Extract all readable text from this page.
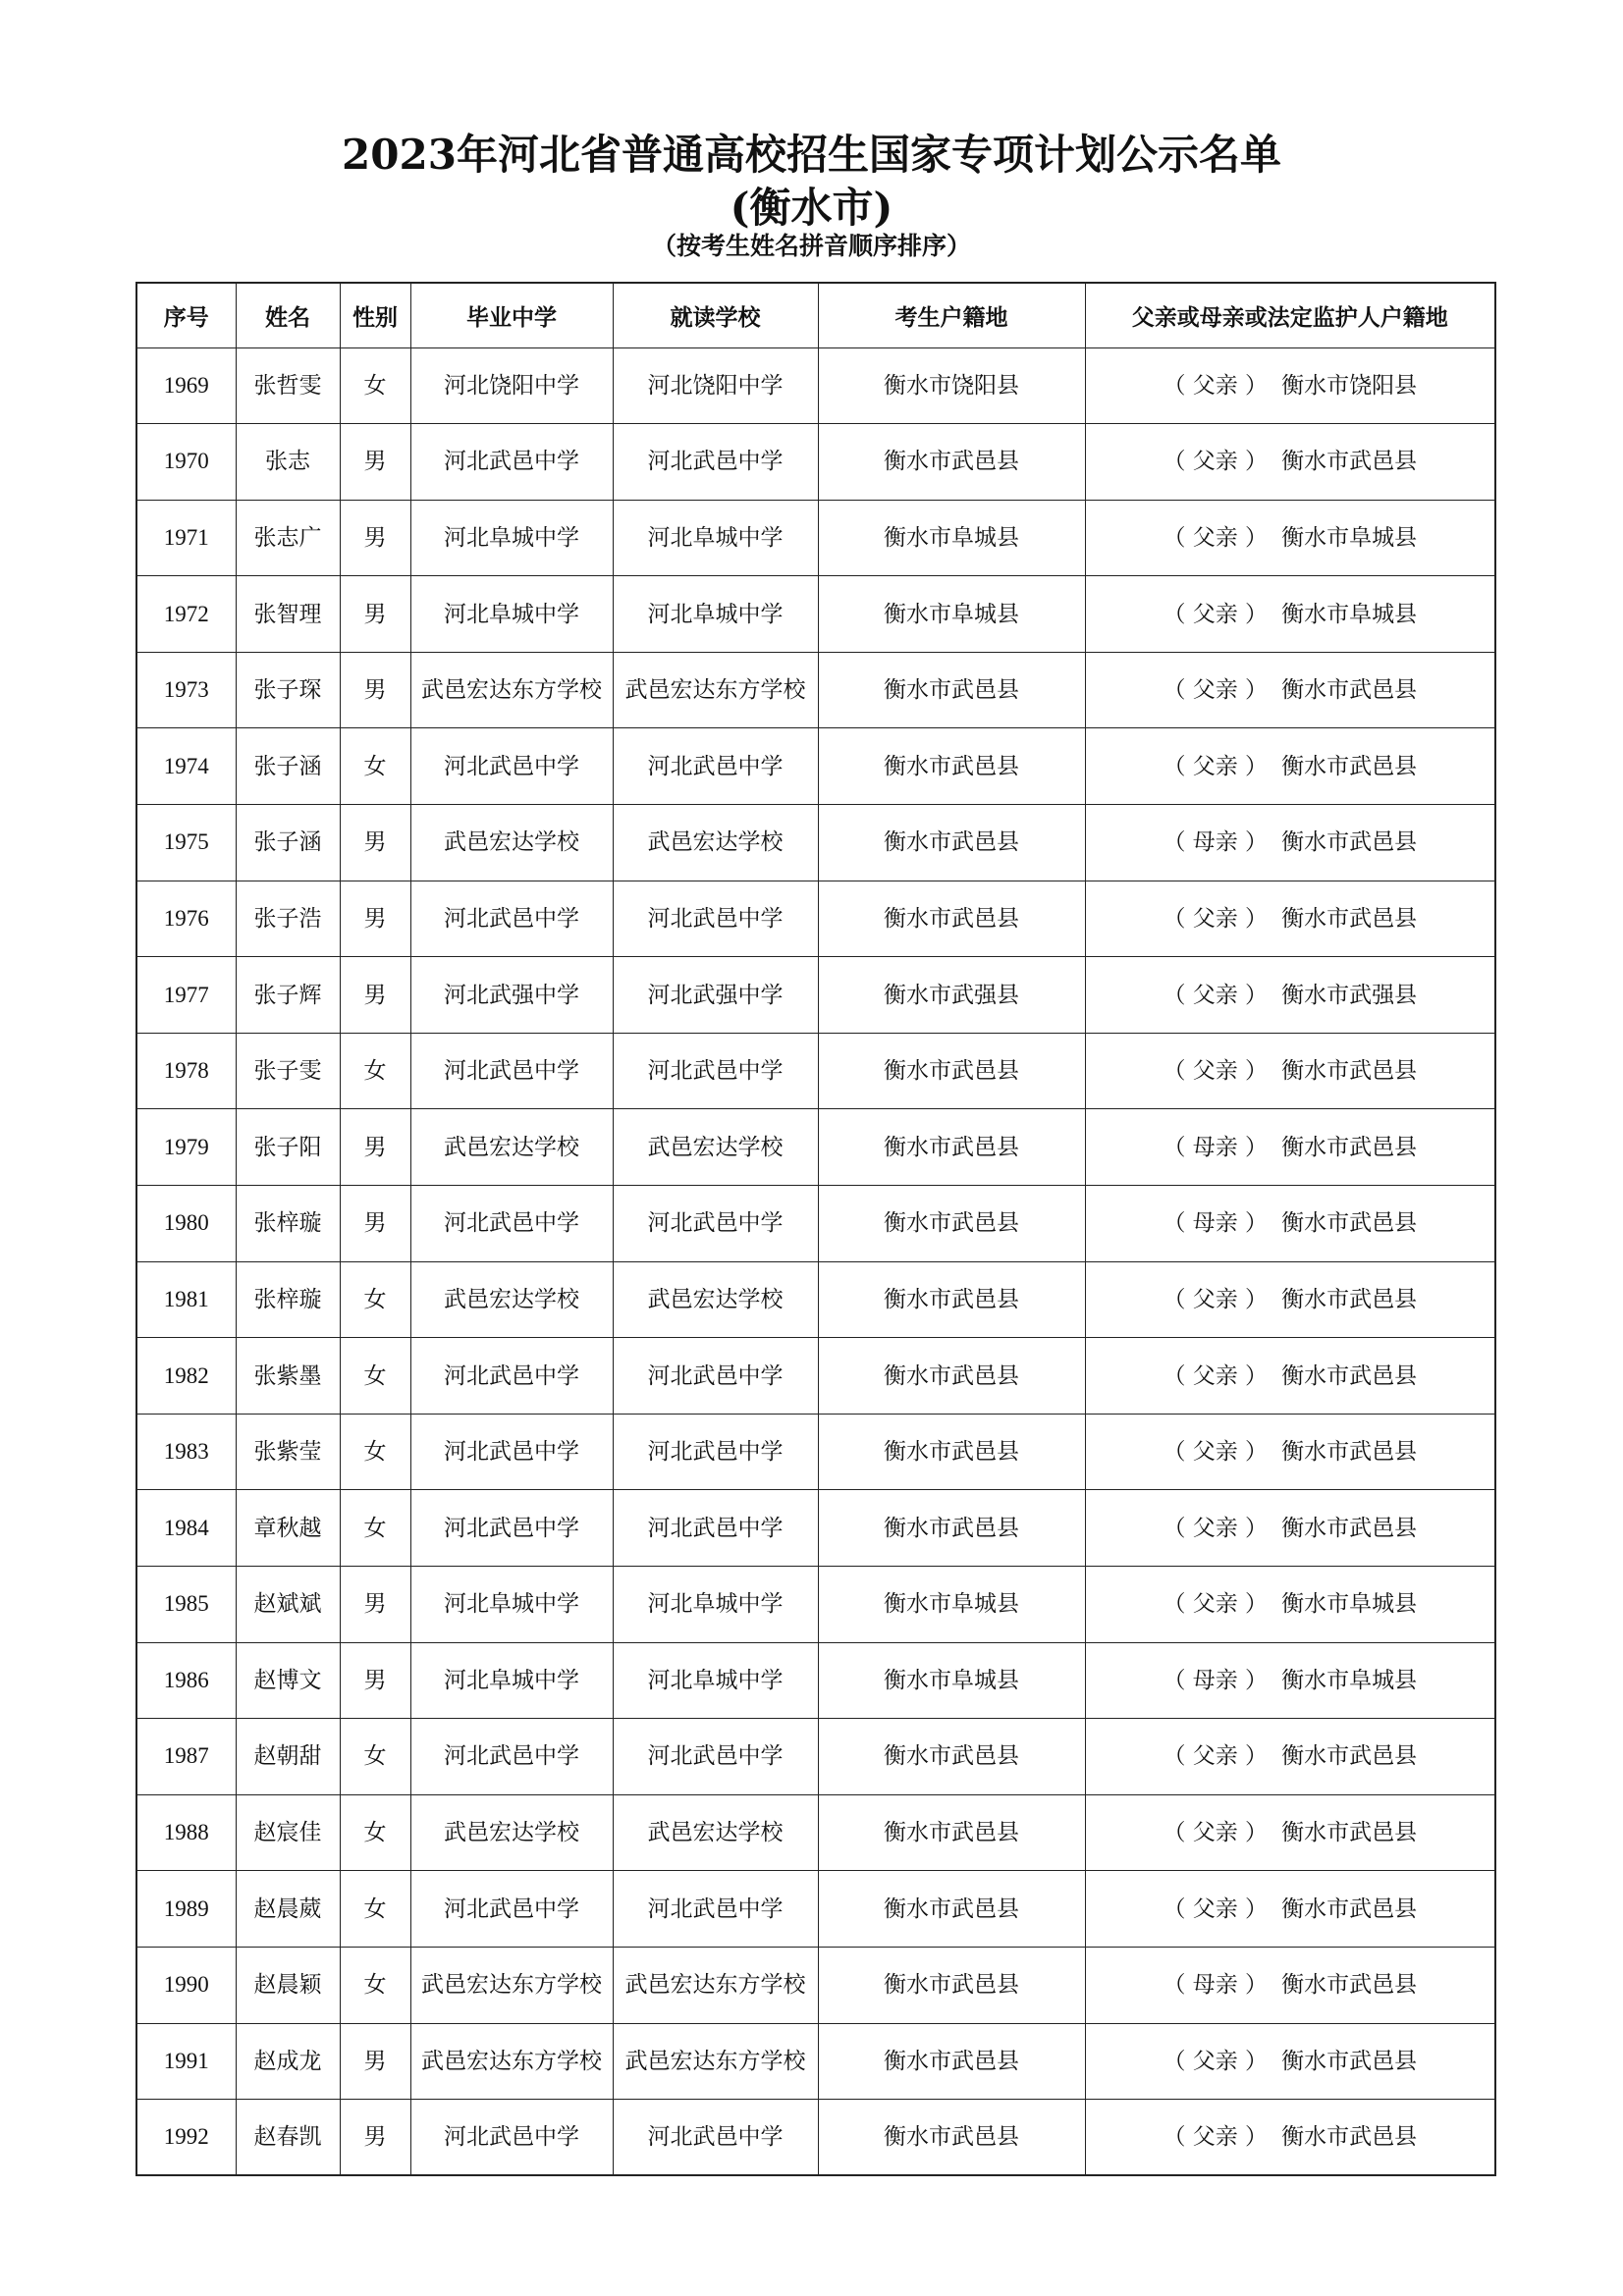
2023年河北省普通高校招生国家专项计划公示名单
(衡水市)
（按考生姓名拼音顺序排序）
序号	姓名	性别	毕业中学	就读学校	考生户籍地	父亲或母亲或法定监护人户籍地
1969	张哲雯	女	河北饶阳中学	河北饶阳中学	衡水市饶阳县	（ 父亲 ） 衡水市饶阳县
1970	张志	男	河北武邑中学	河北武邑中学	衡水市武邑县	（ 父亲 ） 衡水市武邑县
1971	张志广	男	河北阜城中学	河北阜城中学	衡水市阜城县	（ 父亲 ） 衡水市阜城县
1972	张智理	男	河北阜城中学	河北阜城中学	衡水市阜城县	（ 父亲 ） 衡水市阜城县
1973	张子琛	男	武邑宏达东方学校	武邑宏达东方学校	衡水市武邑县	（ 父亲 ） 衡水市武邑县
1974	张子涵	女	河北武邑中学	河北武邑中学	衡水市武邑县	（ 父亲 ） 衡水市武邑县
1975	张子涵	男	武邑宏达学校	武邑宏达学校	衡水市武邑县	（ 母亲 ） 衡水市武邑县
1976	张子浩	男	河北武邑中学	河北武邑中学	衡水市武邑县	（ 父亲 ） 衡水市武邑县
1977	张子辉	男	河北武强中学	河北武强中学	衡水市武强县	（ 父亲 ） 衡水市武强县
1978	张子雯	女	河北武邑中学	河北武邑中学	衡水市武邑县	（ 父亲 ） 衡水市武邑县
1979	张子阳	男	武邑宏达学校	武邑宏达学校	衡水市武邑县	（ 母亲 ） 衡水市武邑县
1980	张梓璇	男	河北武邑中学	河北武邑中学	衡水市武邑县	（ 母亲 ） 衡水市武邑县
1981	张梓璇	女	武邑宏达学校	武邑宏达学校	衡水市武邑县	（ 父亲 ） 衡水市武邑县
1982	张紫墨	女	河北武邑中学	河北武邑中学	衡水市武邑县	（ 父亲 ） 衡水市武邑县
1983	张紫莹	女	河北武邑中学	河北武邑中学	衡水市武邑县	（ 父亲 ） 衡水市武邑县
1984	章秋越	女	河北武邑中学	河北武邑中学	衡水市武邑县	（ 父亲 ） 衡水市武邑县
1985	赵斌斌	男	河北阜城中学	河北阜城中学	衡水市阜城县	（ 父亲 ） 衡水市阜城县
1986	赵博文	男	河北阜城中学	河北阜城中学	衡水市阜城县	（ 母亲 ） 衡水市阜城县
1987	赵朝甜	女	河北武邑中学	河北武邑中学	衡水市武邑县	（ 父亲 ） 衡水市武邑县
1988	赵宸佳	女	武邑宏达学校	武邑宏达学校	衡水市武邑县	（ 父亲 ） 衡水市武邑县
1989	赵晨葳	女	河北武邑中学	河北武邑中学	衡水市武邑县	（ 父亲 ） 衡水市武邑县
1990	赵晨颖	女	武邑宏达东方学校	武邑宏达东方学校	衡水市武邑县	（ 母亲 ） 衡水市武邑县
1991	赵成龙	男	武邑宏达东方学校	武邑宏达东方学校	衡水市武邑县	（ 父亲 ） 衡水市武邑县
1992	赵春凯	男	河北武邑中学	河北武邑中学	衡水市武邑县	（ 父亲 ） 衡水市武邑县
